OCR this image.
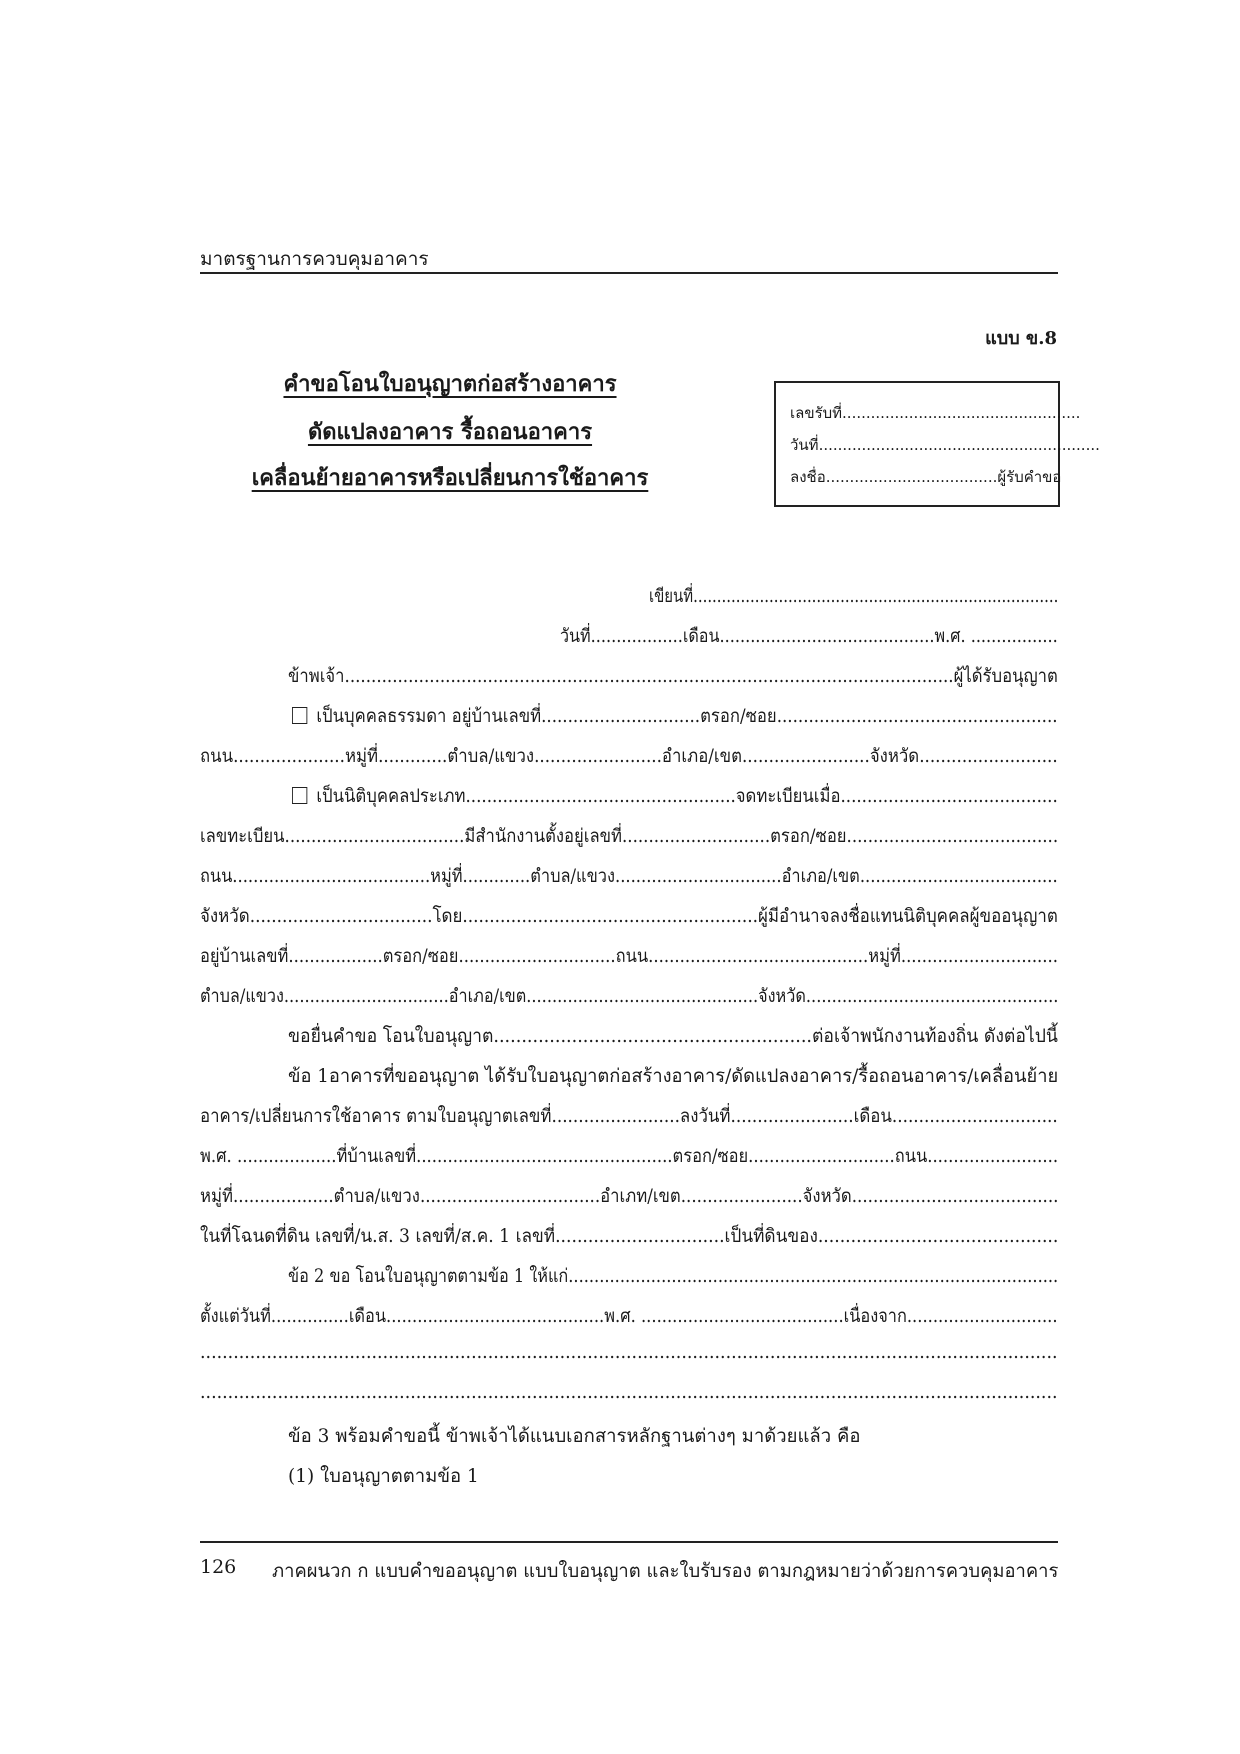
มาตรฐานการควบคุมอาคาร
แบบ ข.8
คำขอโอนใบอนุญาตก่อสร้างอาคาร
ดัดแปลงอาคาร รื้อถอนอาคาร
เคลื่อนย้ายอาคารหรือเปลี่ยนการใช้อาคาร
เลขรับที่..................................................
วันที่...........................................................
ลงชื่อ....................................ผู้รับคำขอ
เขียนที่.............................................................................
วันที่..................เดือน..........................................พ.ศ. .................
ข้าพเจ้า...................................................................................................................ผู้ได้รับอนุญาต
เป็นบุคคลธรรมดา อยู่บ้านเลขที่..............................ตรอก/ซอย.....................................................
ถนน.....................หมู่ที่.............ตำบล/แขวง........................อำเภอ/เขต........................จังหวัด..........................
เป็นนิติบุคคลประเภท...................................................จดทะเบียนเมื่อ.........................................
เลขทะเบียน..................................มีสำนักงานตั้งอยู่เลขที่............................ตรอก/ซอย........................................
ถนน......................................หมู่ที่.............ตำบล/แขวง................................อำเภอ/เขต......................................
จังหวัด..................................โดย.......................................................ผู้มีอำนาจลงชื่อแทนนิติบุคคลผู้ขออนุญาต
อยู่บ้านเลขที่..................ตรอก/ซอย..............................ถนน..........................................หมู่ที่..............................
ตำบล/แขวง................................อำเภอ/เขต.............................................จังหวัด.................................................
ขอยื่นคำขอ โอนใบอนุญาต.........................................................ต่อเจ้าพนักงานท้องถิ่น ดังต่อไปนี้
ข้อ 1อาคารที่ขออนุญาต ได้รับใบอนุญาตก่อสร้างอาคาร/ดัดแปลงอาคาร/รื้อถอนอาคาร/เคลื่อนย้าย
อาคาร/เปลี่ยนการใช้อาคาร ตามใบอนุญาตเลขที่........................ลงวันที่.......................เดือน...............................
พ.ศ. ...................ที่บ้านเลขที่.................................................ตรอก/ซอย............................ถนน.........................
หมู่ที่...................ตำบล/แขวง..................................อำเภท/เขต.......................จังหวัด.......................................
ในที่โฉนดที่ดิน เลขที่/น.ส. 3 เลขที่/ส.ค. 1 เลขที่...............................เป็นที่ดินของ............................................
ข้อ 2 ขอ โอนใบอนุญาตตามข้อ 1 ให้แก่...............................................................................................
ตั้งแต่วันที่...............เดือน..........................................พ.ศ. .......................................เนื่องจาก.............................
...........................................................................................................................................................
...........................................................................................................................................................
ข้อ 3 พร้อมคำขอนี้ ข้าพเจ้าได้แนบเอกสารหลักฐานต่างๆ มาด้วยแล้ว คือ
(1) ใบอนุญาตตามข้อ 1
126 ภาคผนวก ก แบบคำขออนุญาต แบบใบอนุญาต และใบรับรอง ตามกฎหมายว่าด้วยการควบคุมอาคาร
